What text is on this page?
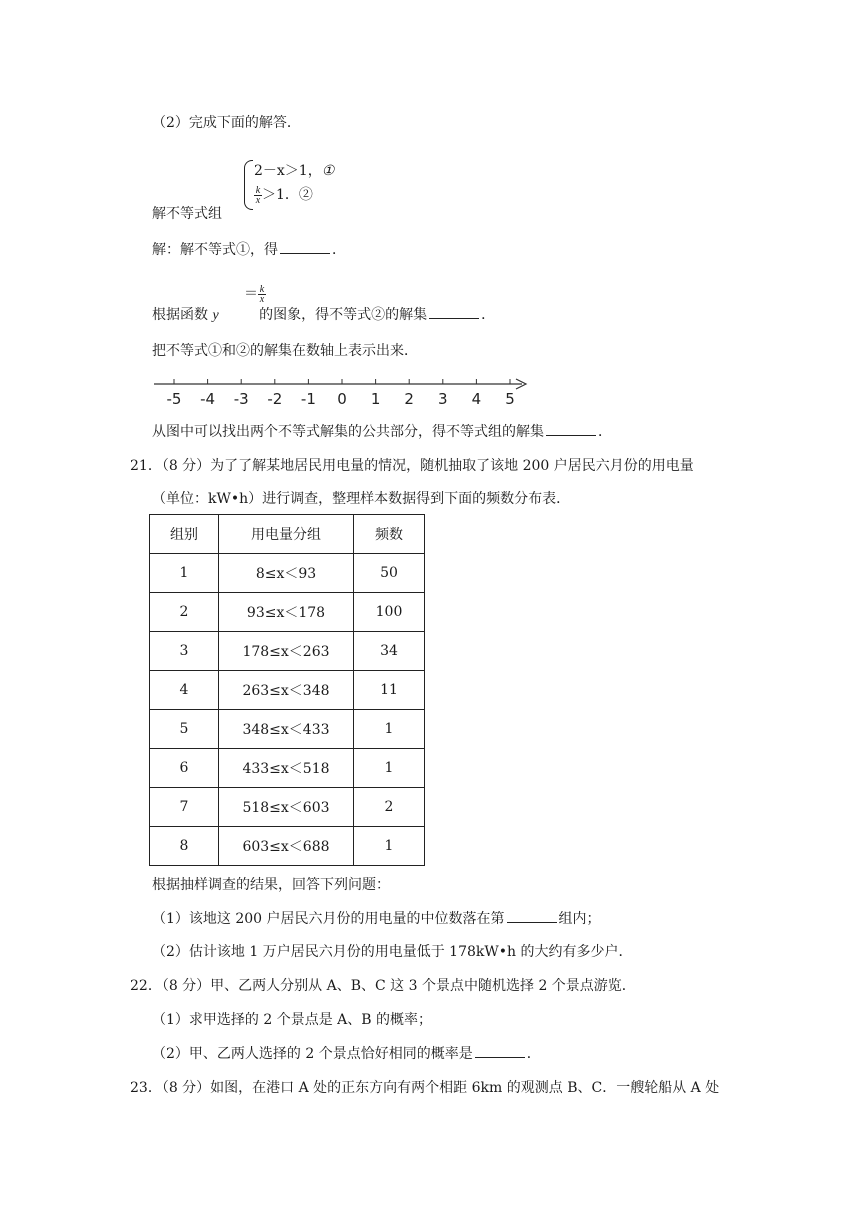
（2）完成下面的解答．
2－x＞1，①
$\frac{k}{x} >1$．②
解不等式组
解：解不等式①，得	．
＝ $\frac{k}{x}$
根据函数 y	的图象，得不等式②的解集	．
把不等式①和②的解集在数轴上表示出来．
-5 -4 -3 -2 -1 0 1 2 3 4 5
从图中可以找出两个不等式解集的公共部分，得不等式组的解集	．
21．（8 分）为了了解某地居民用电量的情况，随机抽取了该地 200 户居民六月份的用电量
（单位：kW•h）进行调查，整理样本数据得到下面的频数分布表．
组别	用电量分组	频数
1	8≤x＜93	50
2	93≤x＜178	100
3	178≤x＜263	34
4	263≤x＜348	11
5	348≤x＜433	1
6	433≤x＜518	1
7	518≤x＜603	2
8	603≤x＜688	1
根据抽样调查的结果，回答下列问题：
（1）该地这 200 户居民六月份的用电量的中位数落在第	组内；
（2）估计该地 1 万户居民六月份的用电量低于 178kW•h 的大约有多少户．
22．（8 分）甲、乙两人分别从 A、B、C 这 3 个景点中随机选择 2 个景点游览．
（1）求甲选择的 2 个景点是 A、B 的概率；
（2）甲、乙两人选择的 2 个景点恰好相同的概率是	．
23．（8 分）如图，在港口 A 处的正东方向有两个相距 6km 的观测点 B、C．一艘轮船从 A 处
